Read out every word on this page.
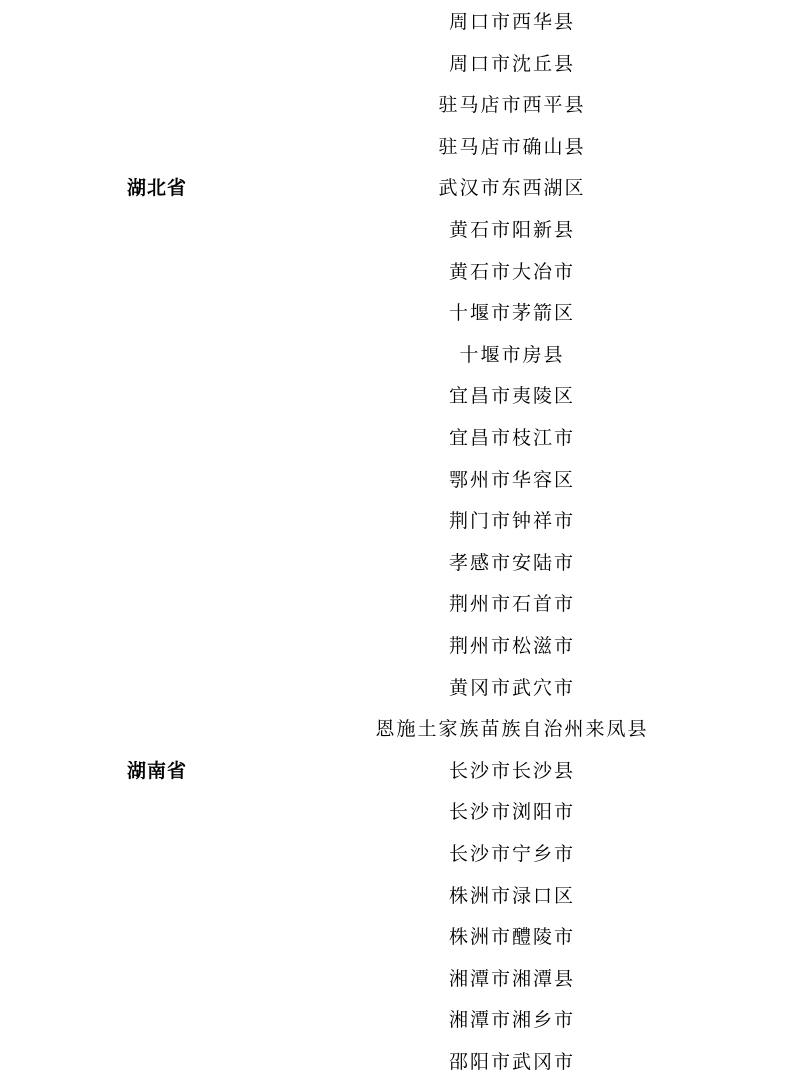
周口市西华县
周口市沈丘县
驻马店市西平县
驻马店市确山县
湖北省	武汉市东西湖区
黄石市阳新县
黄石市大冶市
十堰市茅箭区
十堰市房县
宜昌市夷陵区
宜昌市枝江市
鄂州市华容区
荆门市钟祥市
孝感市安陆市
荆州市石首市
荆州市松滋市
黄冈市武穴市
恩施土家族苗族自治州来凤县
湖南省	长沙市长沙县
长沙市浏阳市
长沙市宁乡市
株洲市渌口区
株洲市醴陵市
湘潭市湘潭县
湘潭市湘乡市
邵阳市武冈市
